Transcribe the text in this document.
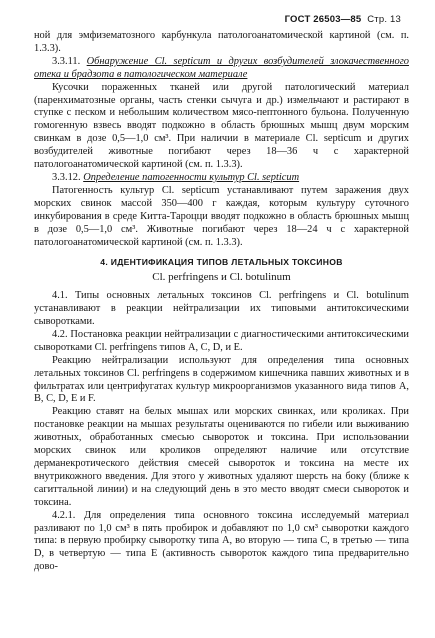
ГОСТ 26503—85 Стр. 13

ной для эмфизематозного карбункула патологоанатомической картиной (см. п. 1.3.3).

3.3.11. Обнаружение Cl. septicum и других возбудителей злокачественного отека и брадзота в патологическом материале

Кусочки пораженных тканей или другой патологический материал (паренхиматозные органы, часть стенки сычуга и др.) измельчают и растирают в ступке с песком и небольшим количеством мясо-пептонного бульона. Полученную гомогенную взвесь вводят подкожно в область брюшных мышц двум морским свинкам в дозе 0,5—1,0 см³. При наличии в материале Cl. septicum и других возбудителей животные погибают через 18—36 ч с характерной патологоанатомической картиной (см. п. 1.3.3).

3.3.12. Определение патогенности культур Cl. septicum

Патогенность культур Cl. septicum устанавливают путем заражения двух морских свинок массой 350—400 г каждая, которым культуру суточного инкубирования в среде Китта-Тароцци вводят подкожно в область брюшных мышц в дозе 0,5—1,0 см³. Животные погибают через 18—24 ч с характерной патологоанатомической картиной (см. п. 1.3.3).

4. ИДЕНТИФИКАЦИЯ ТИПОВ ЛЕТАЛЬНЫХ ТОКСИНОВ
Cl. perfringens и Cl. botulinum

4.1. Типы основных летальных токсинов Cl. perfringens и Cl. botulinum устанавливают в реакции нейтрализации их типовыми антитоксическими сыворотками.

4.2. Постановка реакции нейтрализации с диагностическими антитоксическими сыворотками Cl. perfringens типов A, C, D, и E.

Реакцию нейтрализации используют для определения типа основных летальных токсинов Cl. perfringens в содержимом кишечника павших животных и в фильтратах или центрифугатах культур микроорганизмов указанного вида типов A, B, C, D, E и F.

Реакцию ставят на белых мышах или морских свинках, или кроликах. При постановке реакции на мышах результаты оцениваются по гибели или выживанию животных, обработанных смесью сывороток и токсина. При использовании морских свинок или кроликов определяют наличие или отсутствие дерманекротического действия смесей сывороток и токсина на месте их внутрикожного введения. Для этого у животных удаляют шерсть на боку (ближе к сагиттальной линии) и на следующий день в это место вводят смеси сывороток и токсина.

4.2.1. Для определения типа основного токсина исследуемый материал разливают по 1,0 см³ в пять пробирок и добавляют по 1,0 см³ сыворотки каждого типа: в первую пробирку сыворотку типа A, во вторую — типа C, в третью — типа D, в четвертую — типа E (активность сывороток каждого типа предварительно дово-
